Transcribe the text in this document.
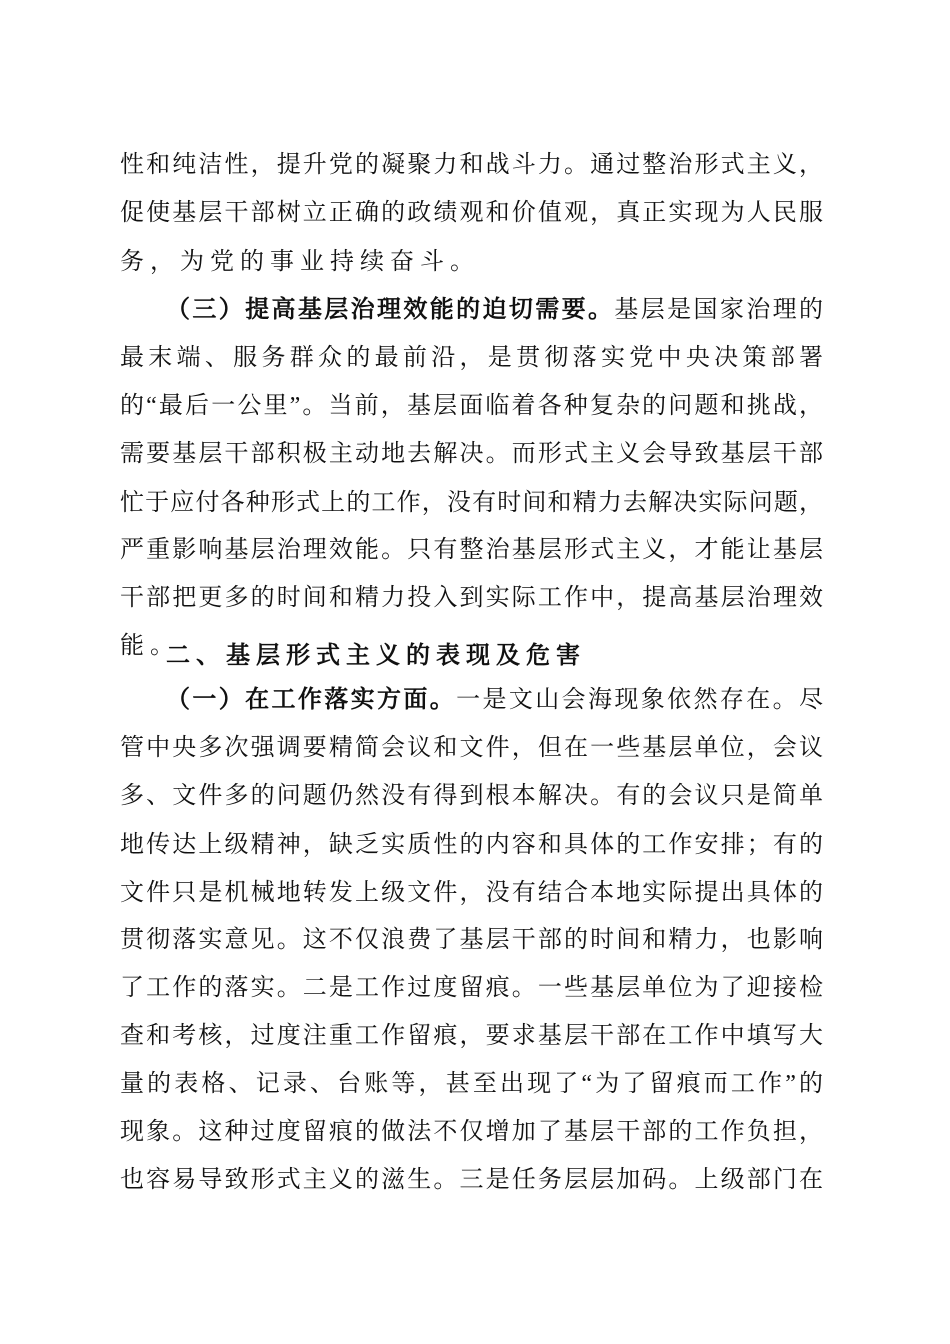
性和纯洁性，提升党的凝聚力和战斗力。通过整治形式主义，
促使基层干部树立正确的政绩观和价值观，真正实现为人民服
务，为党的事业持续奋斗。
（三）提高基层治理效能的迫切需要。基层是国家治理的
最末端、服务群众的最前沿，是贯彻落实党中央决策部署
的“最后一公里”。当前，基层面临着各种复杂的问题和挑战，
需要基层干部积极主动地去解决。而形式主义会导致基层干部
忙于应付各种形式上的工作，没有时间和精力去解决实际问题，
严重影响基层治理效能。只有整治基层形式主义，才能让基层
干部把更多的时间和精力投入到实际工作中，提高基层治理效
能。
二、基层形式主义的表现及危害
（一）在工作落实方面。一是文山会海现象依然存在。尽
管中央多次强调要精简会议和文件，但在一些基层单位，会议
多、文件多的问题仍然没有得到根本解决。有的会议只是简单
地传达上级精神，缺乏实质性的内容和具体的工作安排；有的
文件只是机械地转发上级文件，没有结合本地实际提出具体的
贯彻落实意见。这不仅浪费了基层干部的时间和精力，也影响
了工作的落实。二是工作过度留痕。一些基层单位为了迎接检
查和考核，过度注重工作留痕，要求基层干部在工作中填写大
量的表格、记录、台账等，甚至出现了“为了留痕而工作”的
现象。这种过度留痕的做法不仅增加了基层干部的工作负担，
也容易导致形式主义的滋生。三是任务层层加码。上级部门在
